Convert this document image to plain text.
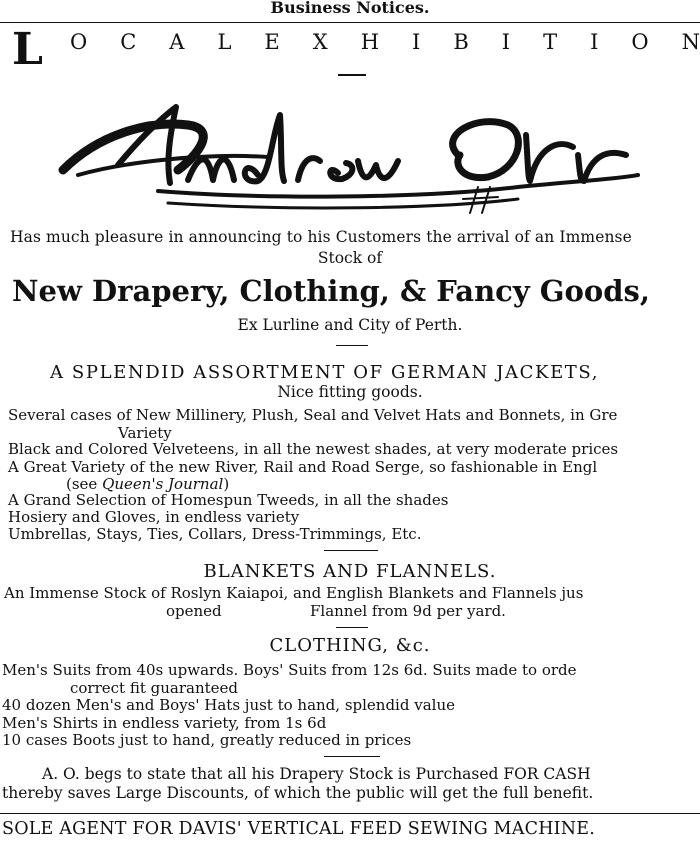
Business Notices.
L O C A L E X H I B I T I O N
Has much pleasure in announcing to his Customers the arrival of an Immense
Stock of
New Drapery, Clothing, & Fancy Goods,
Ex Lurline and City of Perth.
A SPLENDID ASSORTMENT OF GERMAN JACKETS,
Nice fitting goods.
Several cases of New Millinery, Plush, Seal and Velvet Hats and Bonnets, in Gre
Variety
Black and Colored Velveteens, in all the newest shades, at very moderate prices
A Great Variety of the new River, Rail and Road Serge, so fashionable in Engl
(see Queen's Journal)
A Grand Selection of Homespun Tweeds, in all the shades
Hosiery and Gloves, in endless variety
Umbrellas, Stays, Ties, Collars, Dress-Trimmings, Etc.
BLANKETS AND FLANNELS.
An Immense Stock of Roslyn Kaiapoi, and English Blankets and Flannels jus
opened	Flannel from 9d per yard.
CLOTHING, &c.
Men's Suits from 40s upwards. Boys' Suits from 12s 6d. Suits made to orde
correct fit guaranteed
40 dozen Men's and Boys' Hats just to hand, splendid value
Men's Shirts in endless variety, from 1s 6d
10 cases Boots just to hand, greatly reduced in prices
A. O. begs to state that all his Drapery Stock is Purchased FOR CASH
thereby saves Large Discounts, of which the public will get the full benefit.
SOLE AGENT FOR DAVIS' VERTICAL FEED SEWING MACHINE.
